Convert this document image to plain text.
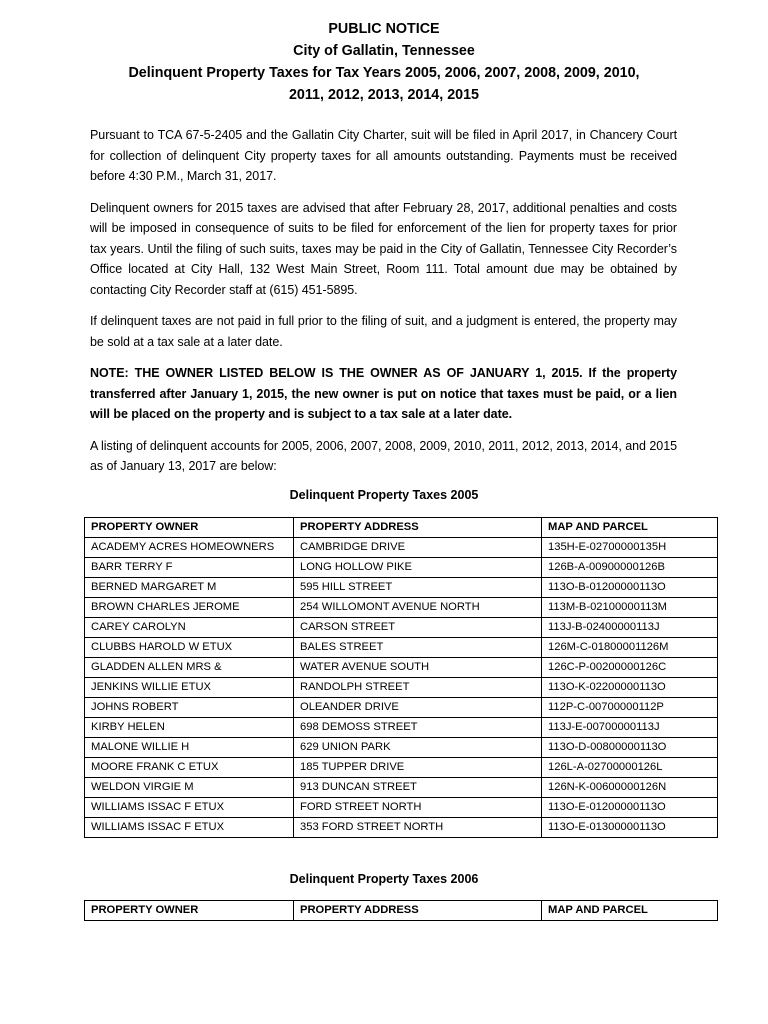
PUBLIC NOTICE
City of Gallatin, Tennessee
Delinquent Property Taxes for Tax Years 2005, 2006, 2007, 2008, 2009, 2010,
2011, 2012, 2013, 2014, 2015

Pursuant to TCA 67-5-2405 and the Gallatin City Charter, suit will be filed in April 2017, in Chancery Court for collection of delinquent City property taxes for all amounts outstanding. Payments must be received before 4:30 P.M., March 31, 2017.

Delinquent owners for 2015 taxes are advised that after February 28, 2017, additional penalties and costs will be imposed in consequence of suits to be filed for enforcement of the lien for property taxes for prior tax years. Until the filing of such suits, taxes may be paid in the City of Gallatin, Tennessee City Recorder’s Office located at City Hall, 132 West Main Street, Room 111. Total amount due may be obtained by contacting City Recorder staff at (615) 451-5895.

If delinquent taxes are not paid in full prior to the filing of suit, and a judgment is entered, the property may be sold at a tax sale at a later date.

NOTE: THE OWNER LISTED BELOW IS THE OWNER AS OF JANUARY 1, 2015. If the property transferred after January 1, 2015, the new owner is put on notice that taxes must be paid, or a lien will be placed on the property and is subject to a tax sale at a later date.

A listing of delinquent accounts for 2005, 2006, 2007, 2008, 2009, 2010, 2011, 2012, 2013, 2014, and 2015 as of January 13, 2017 are below:

Delinquent Property Taxes 2005
PROPERTY OWNER	PROPERTY ADDRESS	MAP AND PARCEL
ACADEMY ACRES HOMEOWNERS	CAMBRIDGE DRIVE	135H-E-02700000135H
BARR TERRY F	LONG HOLLOW PIKE	126B-A-00900000126B
BERNED MARGARET M	595 HILL STREET	113O-B-01200000113O
BROWN CHARLES JEROME	254 WILLOMONT AVENUE NORTH	113M-B-02100000113M
CAREY CAROLYN	CARSON STREET	113J-B-02400000113J
CLUBBS HAROLD W ETUX	BALES STREET	126M-C-01800001126M
GLADDEN ALLEN MRS &	WATER AVENUE SOUTH	126C-P-00200000126C
JENKINS WILLIE ETUX	RANDOLPH STREET	113O-K-02200000113O
JOHNS ROBERT	OLEANDER DRIVE	112P-C-00700000112P
KIRBY HELEN	698 DEMOSS STREET	113J-E-00700000113J
MALONE WILLIE H	629 UNION PARK	113O-D-00800000113O
MOORE FRANK C ETUX	185 TUPPER DRIVE	126L-A-02700000126L
WELDON VIRGIE M	913 DUNCAN STREET	126N-K-00600000126N
WILLIAMS ISSAC F ETUX	FORD STREET NORTH	113O-E-01200000113O
WILLIAMS ISSAC F ETUX	353 FORD STREET NORTH	113O-E-01300000113O
Delinquent Property Taxes 2006
PROPERTY OWNER	PROPERTY ADDRESS	MAP AND PARCEL
